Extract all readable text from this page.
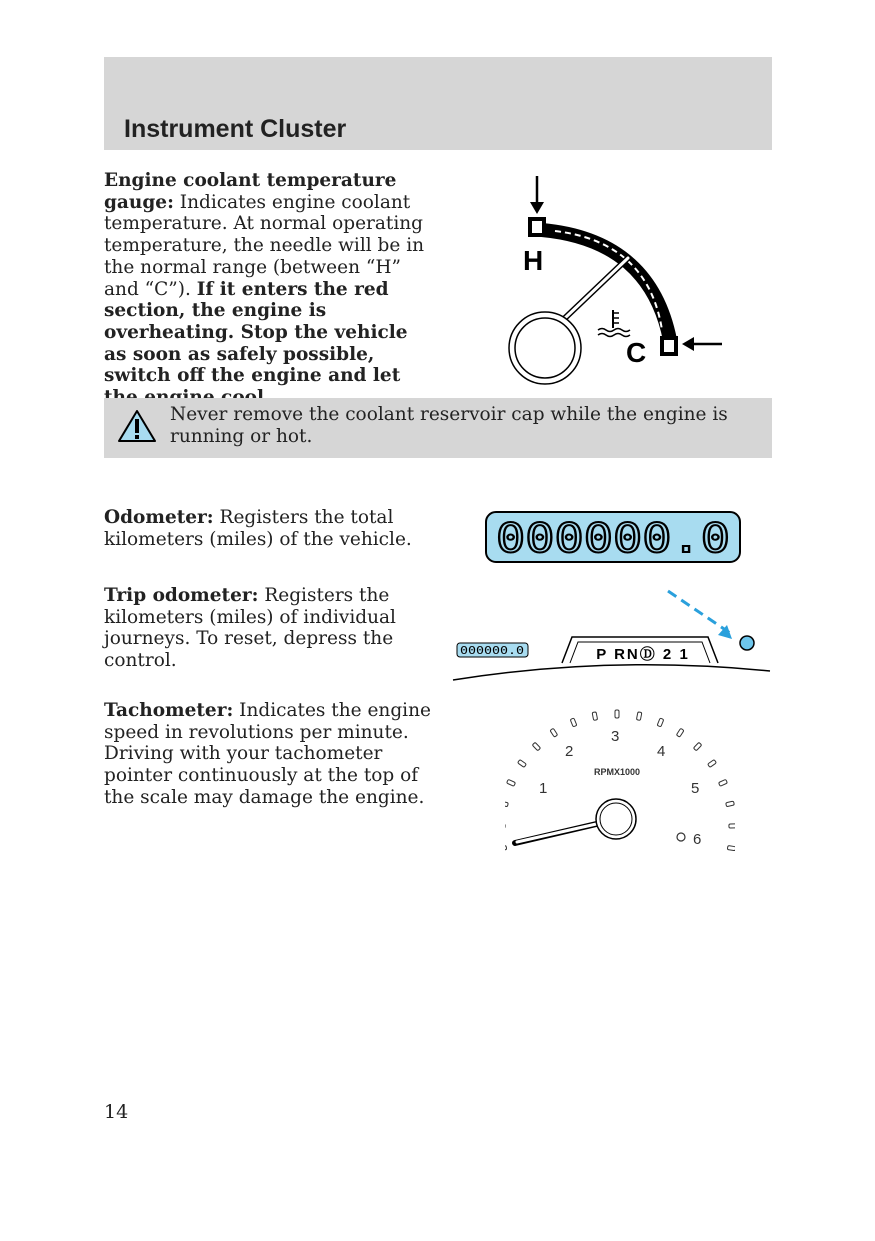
Instrument Cluster

Engine coolant temperature gauge: Indicates engine coolant temperature. At normal operating temperature, the needle will be in the normal range (between “H” and “C”). If it enters the red section, the engine is overheating. Stop the vehicle as soon as safely possible, switch off the engine and let

H
C

Never remove the coolant reservoir cap while the engine is running or hot.

Odometer: Registers the total kilometers (miles) of the vehicle.	000000.0

Trip odometer: Registers the kilometers (miles) of individual journeys. To reset, depress the control.	000000.0	P RNⒹ 2 1

Tachometer: Indicates the engine speed in revolutions per minute. Driving with your tachometer pointer continuously at the top of the scale may damage the engine.	1
2
3
4
5
6
RPMX1000

14
